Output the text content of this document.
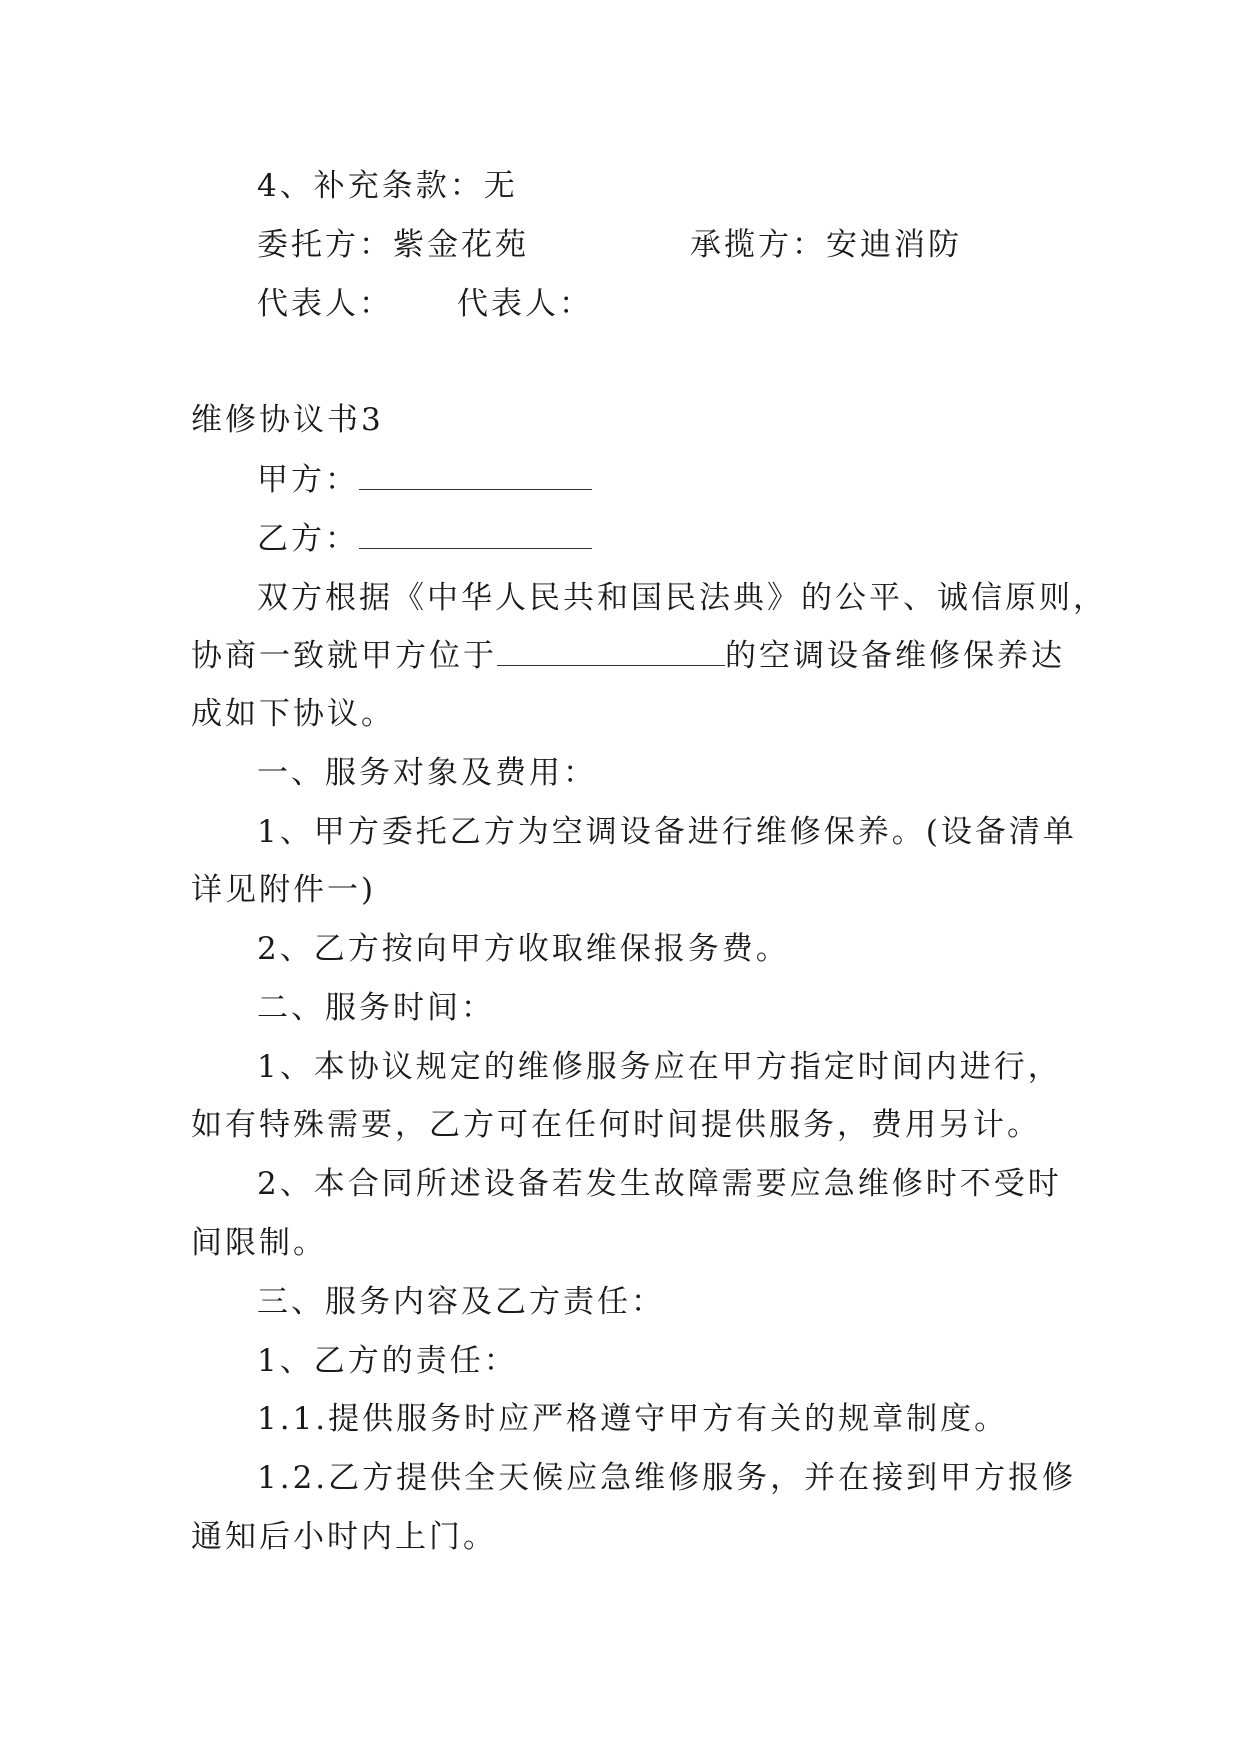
4、补充条款：无
委托方：紫金花苑	承揽方：安迪消防
代表人： 代表人：
维修协议书3
甲方：
乙方：
双方根据《中华人民共和国民法典》的公平、诚信原则，
协商一致就甲方位于	的空调设备维修保养达
成如下协议。
一、服务对象及费用：
1、甲方委托乙方为空调设备进行维修保养。(设备清单
详见附件一)
2、乙方按向甲方收取维保报务费。
二、服务时间：
1、本协议规定的维修服务应在甲方指定时间内进行，
如有特殊需要，乙方可在任何时间提供服务，费用另计。
2、本合同所述设备若发生故障需要应急维修时不受时
间限制。
三、服务内容及乙方责任：
1、乙方的责任：
1.1.提供服务时应严格遵守甲方有关的规章制度。
1.2.乙方提供全天候应急维修服务，并在接到甲方报修
通知后小时内上门。
